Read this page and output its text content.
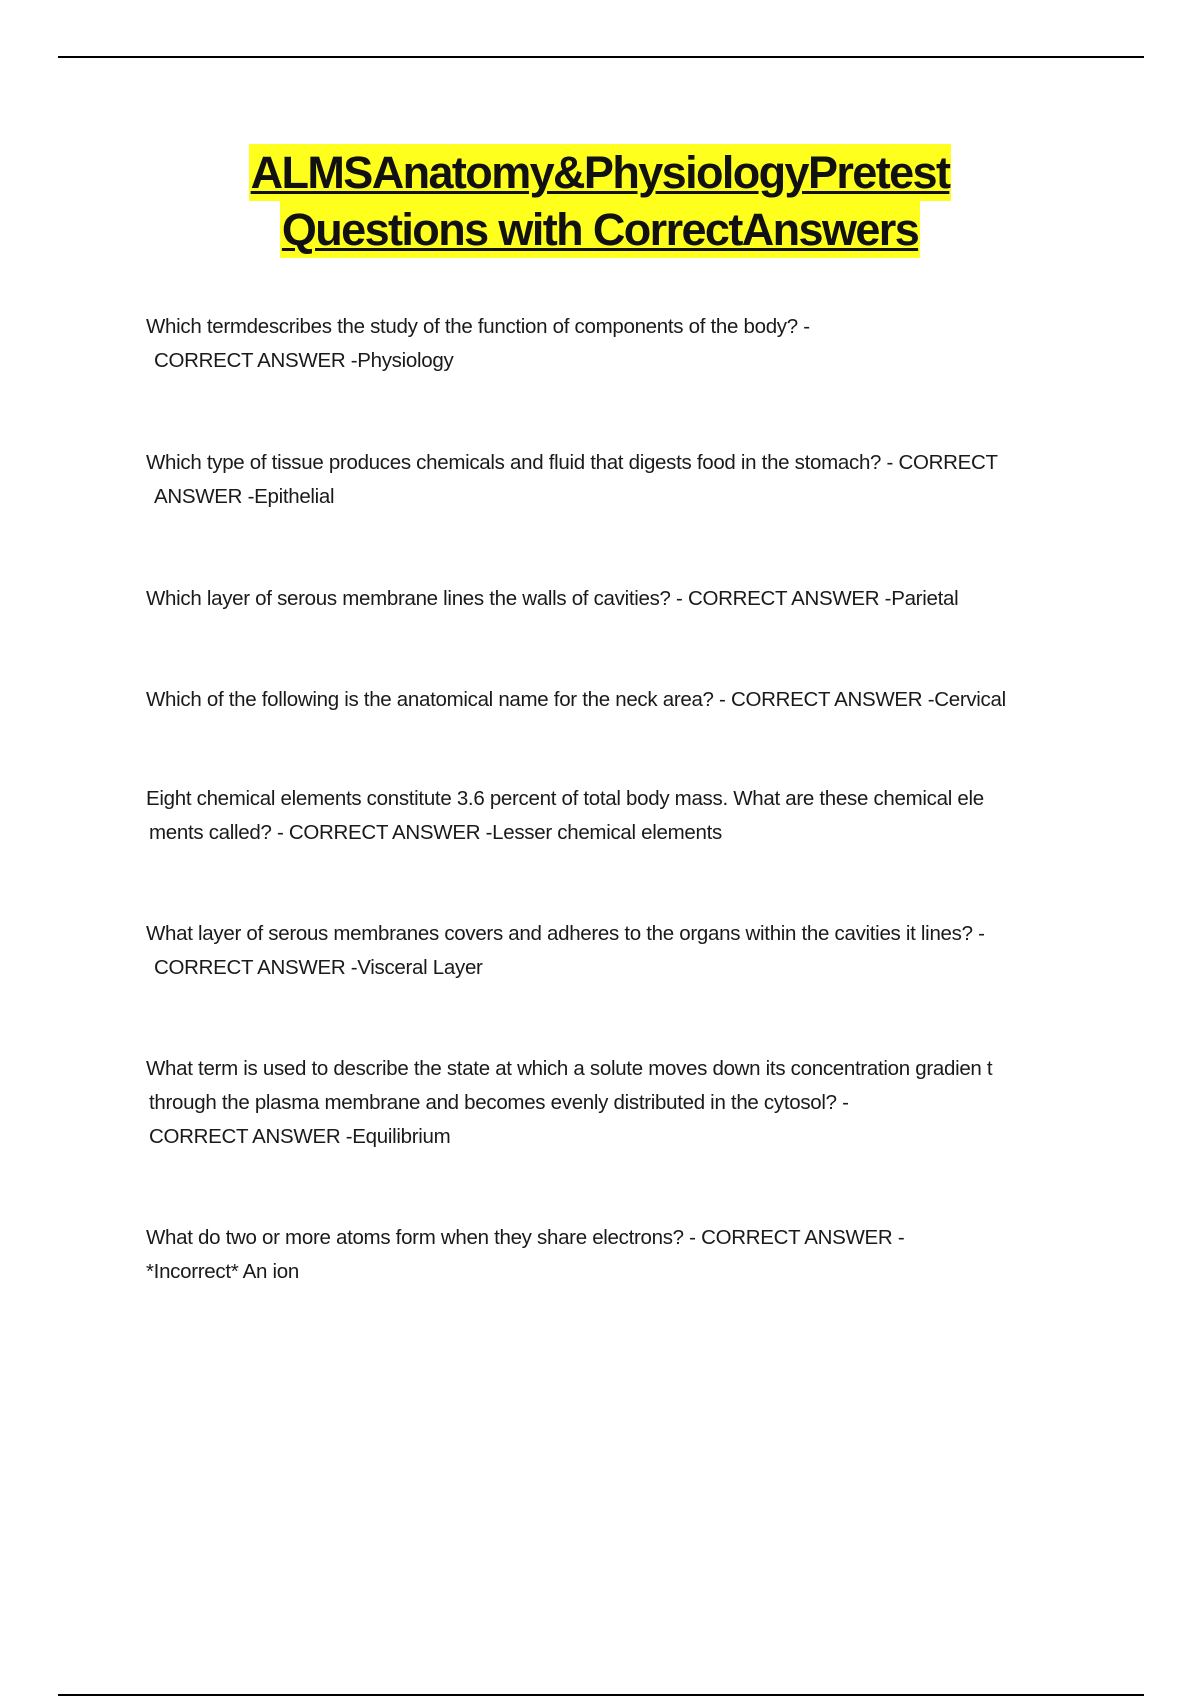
ALMSAnatomy&PhysiologyPretest
Questions with CorrectAnswers
Which termdescribes the study of the function of components of the body? -
CORRECT ANSWER -Physiology
Which type of tissue produces chemicals and fluid that digests food in the stomach? - CORRECT
ANSWER -Epithelial
Which layer of serous membrane lines the walls of cavities? - CORRECT ANSWER -Parietal
Which of the following is the anatomical name for the neck area? - CORRECT ANSWER -Cervical
Eight chemical elements constitute 3.6 percent of total body mass. What are these chemical ele
ments called? - CORRECT ANSWER -Lesser chemical elements
What layer of serous membranes covers and adheres to the organs within the cavities it lines? -
CORRECT ANSWER -Visceral Layer
What term is used to describe the state at which a solute moves down its concentration gradien t
through the plasma membrane and becomes evenly distributed in the cytosol? -
CORRECT ANSWER -Equilibrium
What do two or more atoms form when they share electrons? - CORRECT ANSWER -
*Incorrect* An ion
